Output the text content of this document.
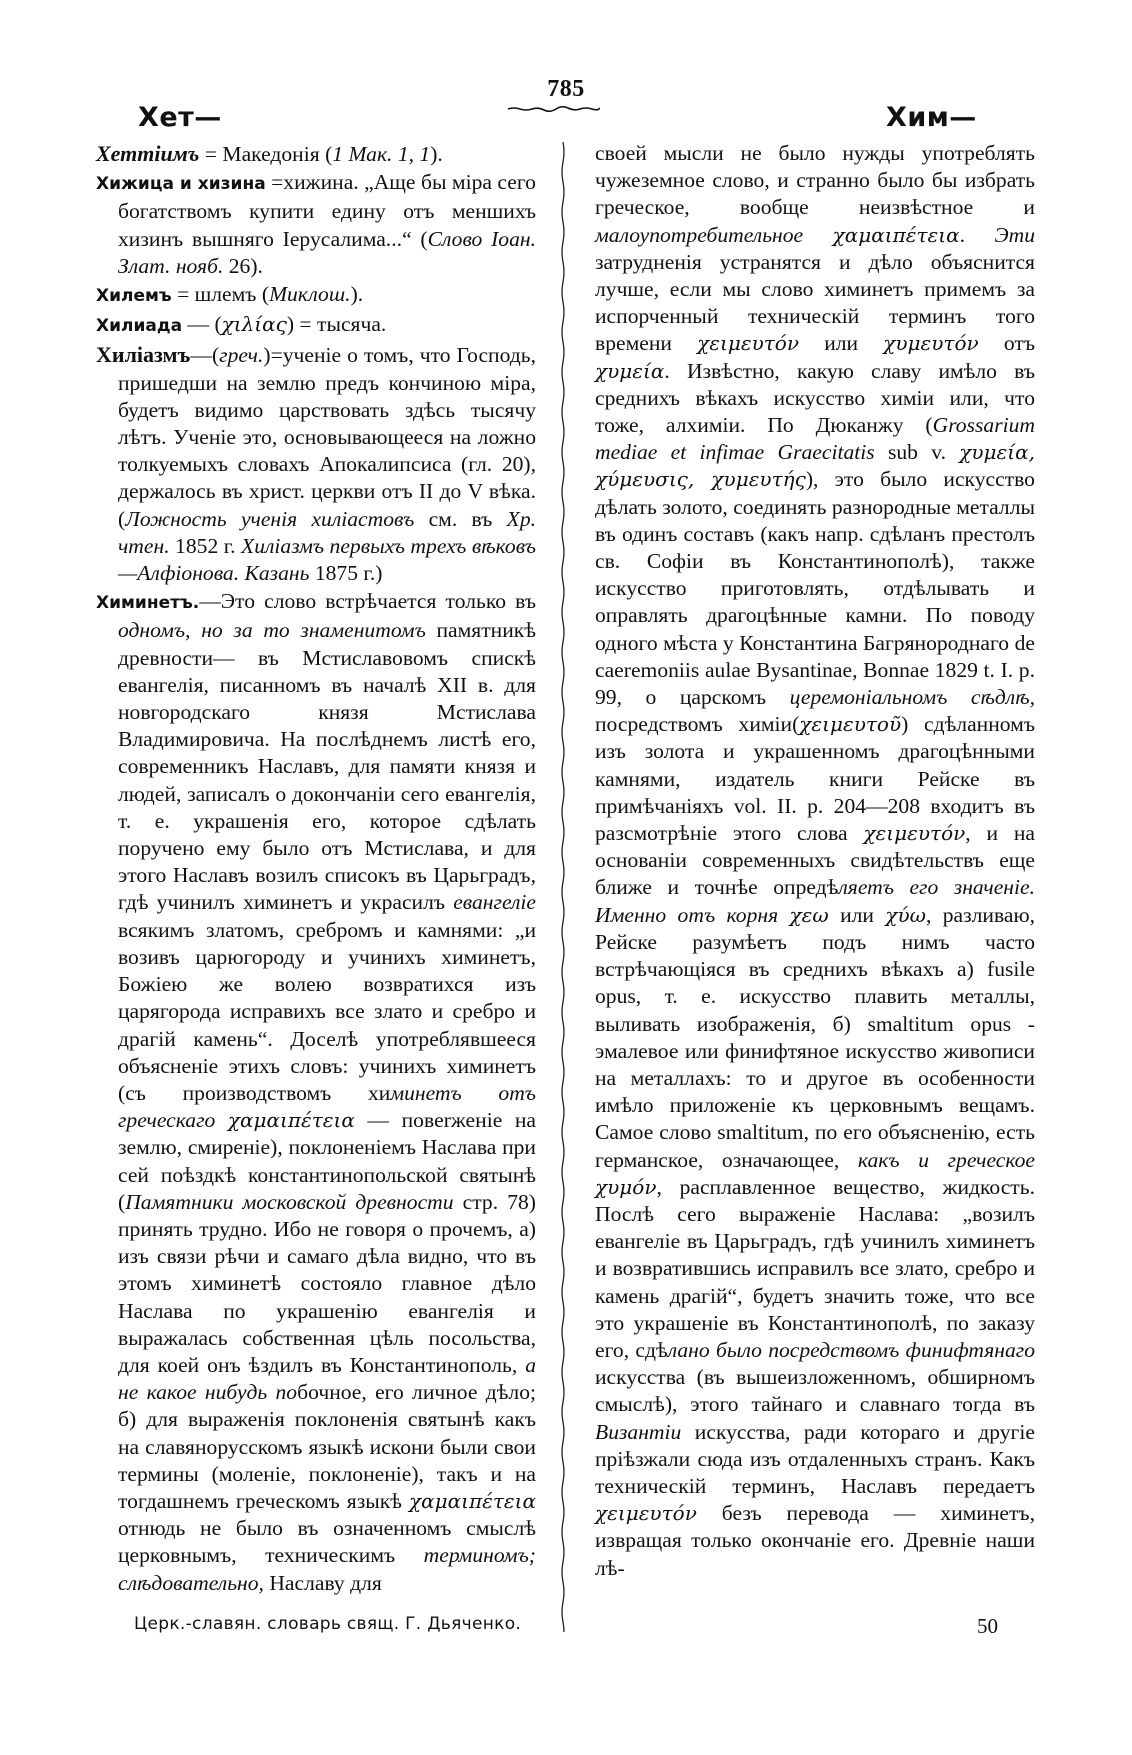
785
Хет—	Хим—

Хеттіимъ = Македонія (1 Мак. 1, 1).

Хижица и хизина =хижина. „Аще бы міра сего богатствомъ купити едину отъ меншихъ хизинъ вышняго Іерусалима...“ (Слово Іоан. Злат. нояб. 26).

Хилемъ = шлемъ (Миклош.).

Хилиада — (χιλίας) = тысяча.

Хиліазмъ—(греч.)=ученіе о томъ, что Господь, пришедши на землю предъ кончиною міра, будетъ видимо царствовать здѣсь тысячу лѣтъ. Ученіе это, основывающееся на ложно толкуемыхъ словахъ Апокалипсиса (гл. 20), держалось въ христ. церкви отъ II до V вѣка. (Ложность ученія хиліастовъ см. въ Хр. чтен. 1852 г. Хиліазмъ первыхъ трехъ вѣковъ—Алфіонова. Казань 1875 г.)

Химинетъ.—Это слово встрѣчается только въ одномъ, но за то знаменитомъ памятникѣ древности— въ Мстиславовомъ спискѣ евангелія, писанномъ въ началѣ XII в. для новгородскаго князя Мстислава Владимировича. На послѣднемъ листѣ его, современникъ Наславъ, для памяти князя и людей, записалъ о докончаніи сего евангелія, т. е. украшенія его, которое сдѣлать поручено ему было отъ Мстислава, и для этого Наславъ возилъ списокъ въ Царьградъ, гдѣ учинилъ химинетъ и украсилъ евангеліе всякимъ златомъ, сребромъ и камнями: „и возивъ царюгороду и учинихъ химинетъ, Божіею же волею возвратихся изъ царягорода исправихъ все злато и сребро и драгій камень“. Доселѣ употреблявшееся объясненіе этихъ словъ: учинихъ химинетъ (съ производствомъ химинетъ отъ греческаго χαμαιπέτεια — повerженіе на землю, смиреніе), поклоненіемъ Наслава при сей поѣздкѣ константинопольской святынѣ (Памятники московской древности стр. 78) принять трудно. Ибо не говоря о прочемъ, а) изъ связи рѣчи и самаго дѣла видно, что въ этомъ химинетѣ состояло главное дѣло Наслава по украшенію евангелія и выражалась собственная цѣль посольства, для коей онъ ѣздилъ въ Константинополь, а не какое нибудь побочное, его личное дѣло; б) для выраженія поклоненія святынѣ какъ на славянорусскомъ языкѣ искони были свои термины (моленіе, поклоненіе), такъ и на тогдашнемъ греческомъ языкѣ χαμαιπέτεια отнюдь не было въ означенномъ смыслѣ церковнымъ, техническимъ терминомъ; слѣдовательно, Наславу для

своей мысли не было нужды употреблять чужеземное слово, и странно было бы избрать греческое, вообще неизвѣстное и малоупотребительное χαμαιπέτεια. Эти затрудненія устранятся и дѣло объяснится лучше, если мы слово химинетъ примемъ за испорченный техническій терминъ того времени χειμευτόν или χυμευτόν отъ χυμεία. Извѣстно, какую славу имѣло въ среднихъ вѣкахъ искусство химіи или, что тоже, алхиміи. По Дюканжу (Grossarium mediae et infimae Graecitatis sub v. χυμεία, χύμευσις, χυμευτής), это было искусство дѣлать золото, соединять разнородные металлы въ одинъ составъ (какъ напр. сдѣланъ престолъ св. Софіи въ Константинополѣ), также искусство приготовлять, отдѣлывать и оправлять драгоцѣнные камни. По поводу одного мѣста у Константина Багрянороднаго de caeremoniis aulae Bysantinae, Bonnae 1829 t. I. p. 99, о царскомъ церемоніальномъ сѣдлѣ, посредствомъ химіи(χειμευτοῦ) сдѣланномъ изъ золота и украшенномъ драгоцѣнными камнями, издатель книги Рейске въ примѣчаніяхъ vol. II. p. 204—208 входитъ въ разсмотрѣніе этого слова χειμευτόν, и на основаніи современныхъ свидѣтельствъ еще ближе и точнѣе опредѣляетъ его значеніе. Именно отъ корня χεω или χύω, разливаю, Рейске разумѣетъ подъ нимъ часто встрѣчающіяся въ среднихъ вѣкахъ а) fusile opus, т. е. искусство плавить металлы, выливать изображенія, б) smaltitum opus - эмалевое или финифтяное искусство живописи на металлахъ: то и другое въ особенности имѣло приложеніе къ церковнымъ вещамъ. Самое слово smaltitum, по его объясненію, есть германское, означающее, какъ и греческое χυμόν, расплавленное вещество, жидкость. Послѣ сего выраженіе Наслава: „возилъ евангеліе въ Царьградъ, гдѣ учинилъ химинетъ и возвратившись исправилъ все злато, сребро и камень драгій“, будетъ значить тоже, что все это украшеніе въ Константинополѣ, по заказу его, сдѣлано было посредствомъ финифтянаго искусства (въ вышеизложенномъ, обширномъ смыслѣ), этого тайнаго и славнаго тогда въ Византіи искусства, ради котораго и другіе пріѣзжали сюда изъ отдаленныхъ странъ. Какъ техническій терминъ, Наславъ передаетъ χειμευτόν безъ перевода — химинетъ, извращая только окончаніе его. Древніе наши лѣ-

Церк.-славян. словарь свящ. Г. Дьяченко.	50
